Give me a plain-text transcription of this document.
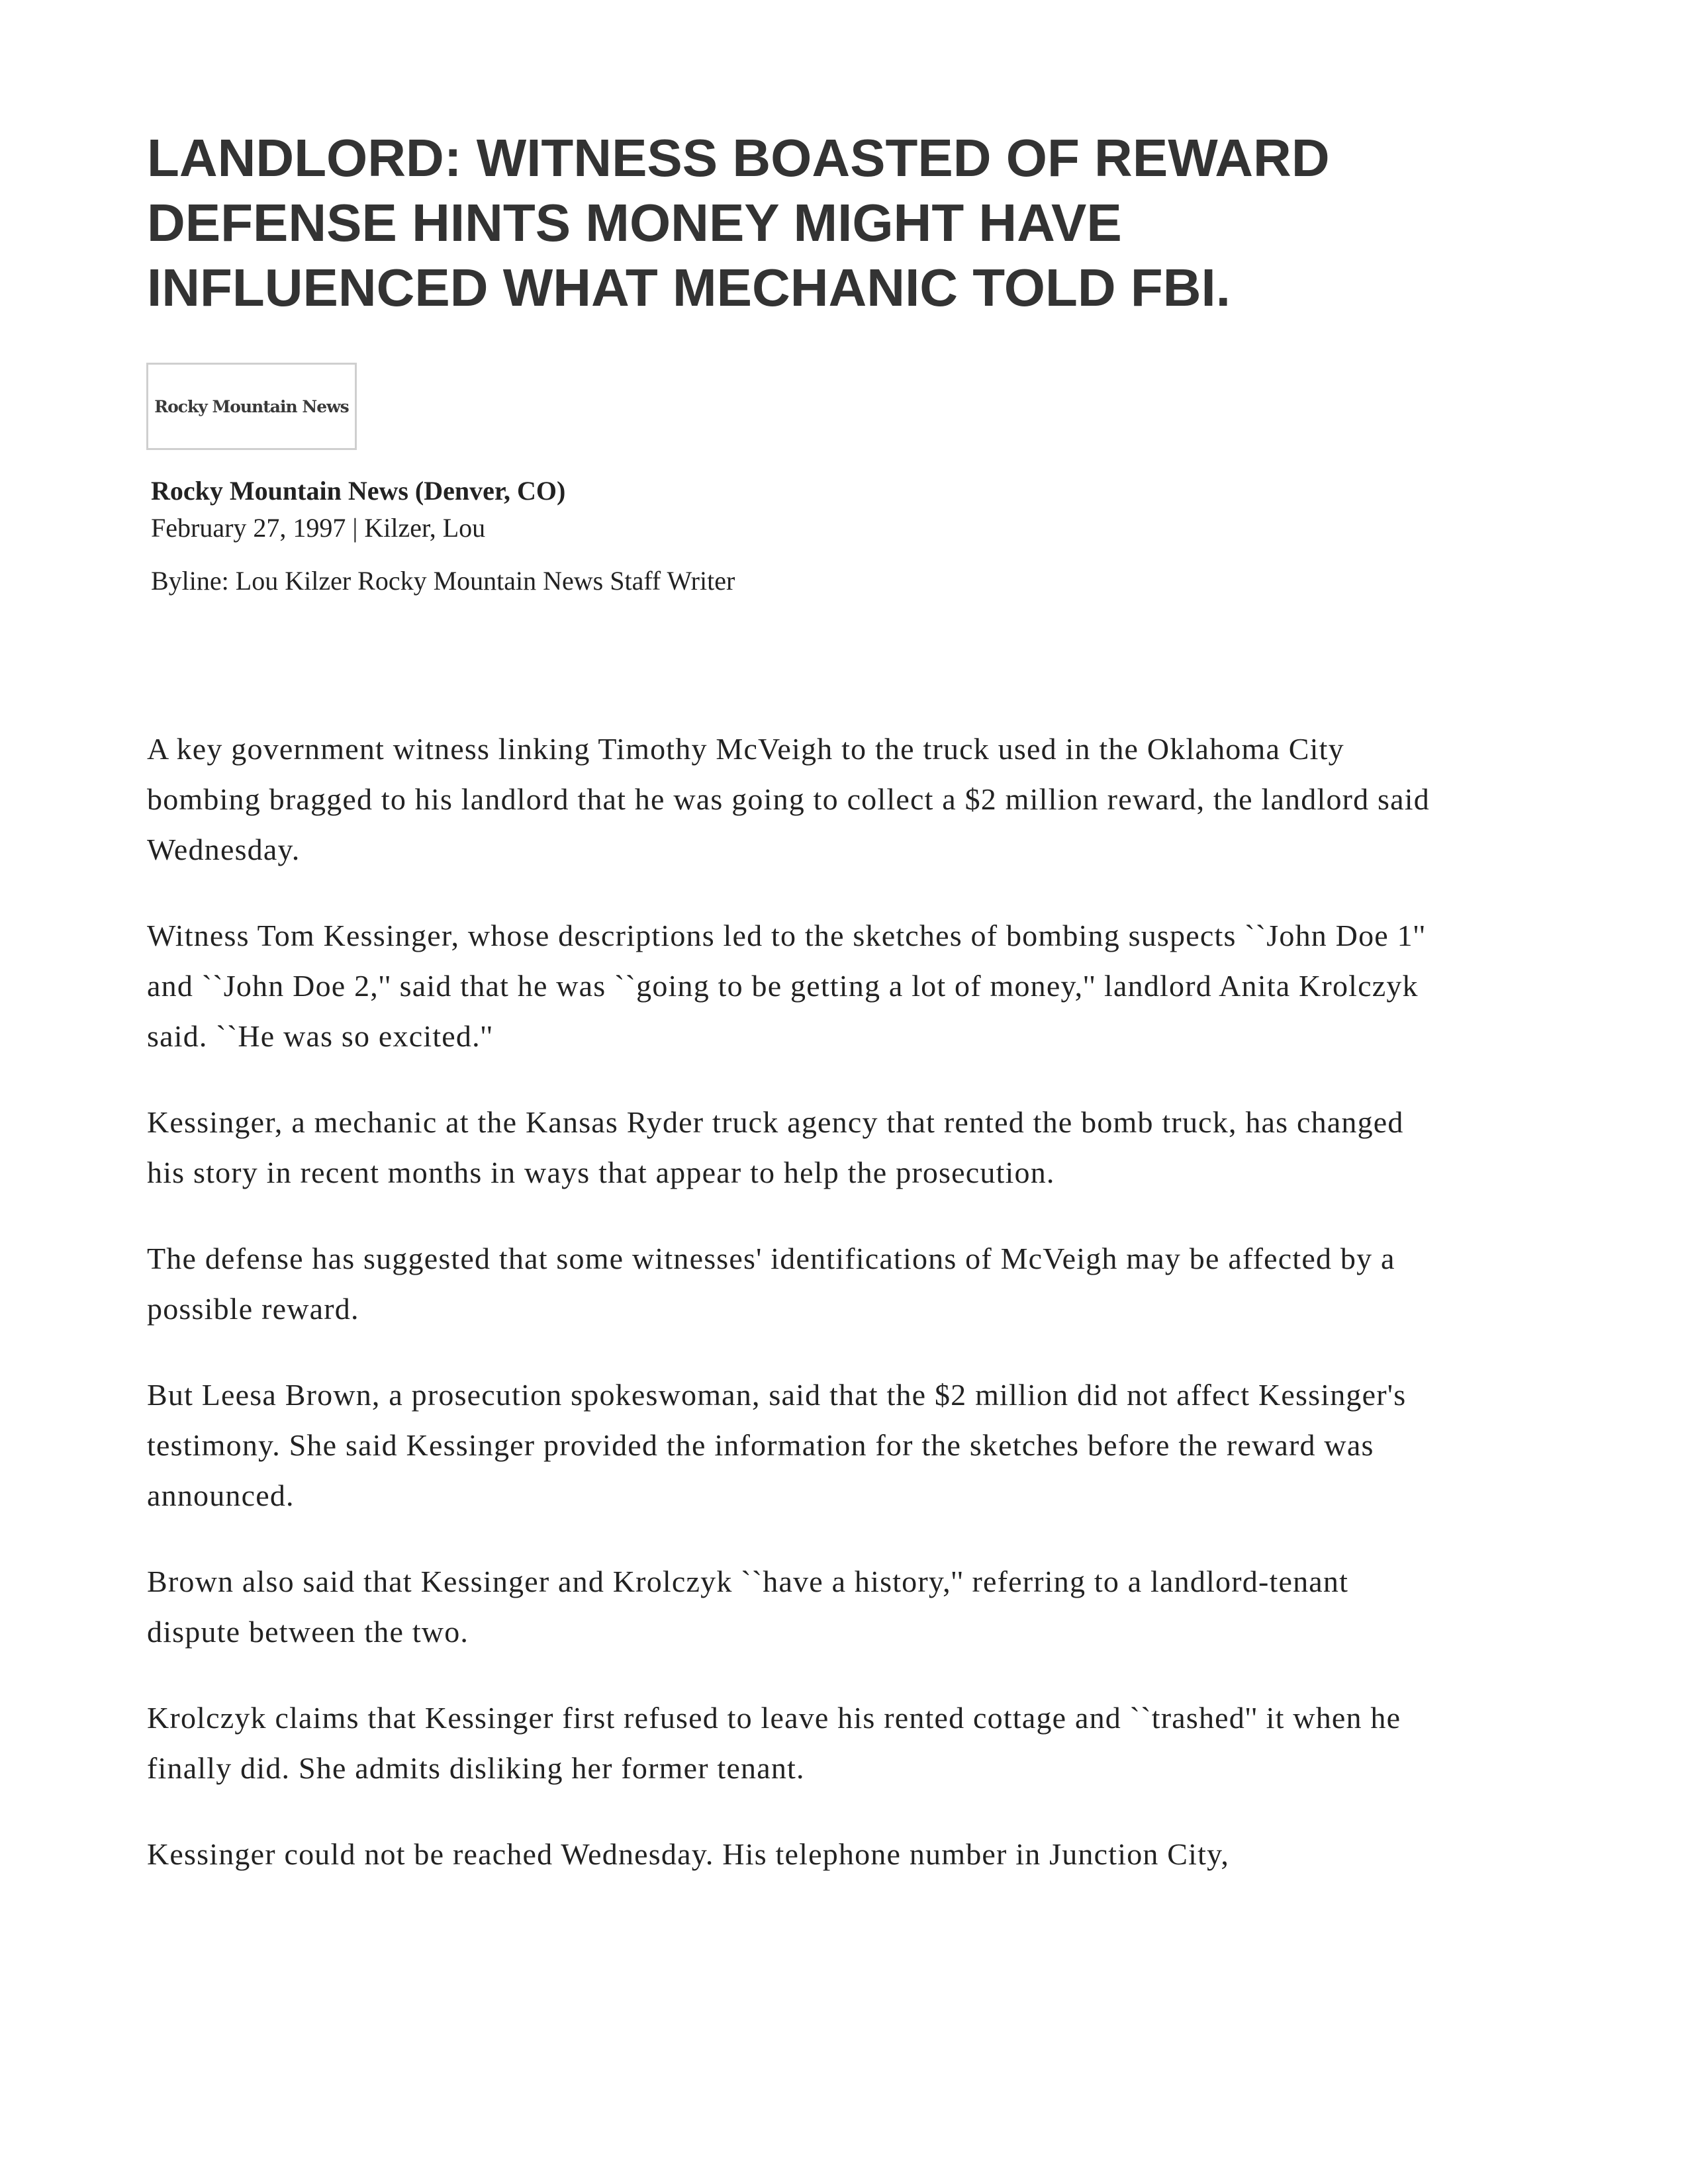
LANDLORD: WITNESS BOASTED OF REWARD
DEFENSE HINTS MONEY MIGHT HAVE
INFLUENCED WHAT MECHANIC TOLD FBI.
Rocky Mountain News
Rocky Mountain News (Denver, CO)
February 27, 1997 | Kilzer, Lou
Byline: Lou Kilzer Rocky Mountain News Staff Writer

A key government witness linking Timothy McVeigh to the truck used in the Oklahoma City bombing bragged to his landlord that he was going to collect a $2 million reward, the landlord said Wednesday.

Witness Tom Kessinger, whose descriptions led to the sketches of bombing suspects ``John Doe 1'' and ``John Doe 2,'' said that he was ``going to be getting a lot of money,'' landlord Anita Krolczyk said. ``He was so excited.''

Kessinger, a mechanic at the Kansas Ryder truck agency that rented the bomb truck, has changed his story in recent months in ways that appear to help the prosecution.

The defense has suggested that some witnesses' identifications of McVeigh may be affected by a possible reward.

But Leesa Brown, a prosecution spokeswoman, said that the $2 million did not affect Kessinger's testimony. She said Kessinger provided the information for the sketches before the reward was announced.

Brown also said that Kessinger and Krolczyk ``have a history,'' referring to a landlord-tenant dispute between the two.

Krolczyk claims that Kessinger first refused to leave his rented cottage and ``trashed'' it when he finally did. She admits disliking her former tenant.

Kessinger could not be reached Wednesday. His telephone number in Junction City,
